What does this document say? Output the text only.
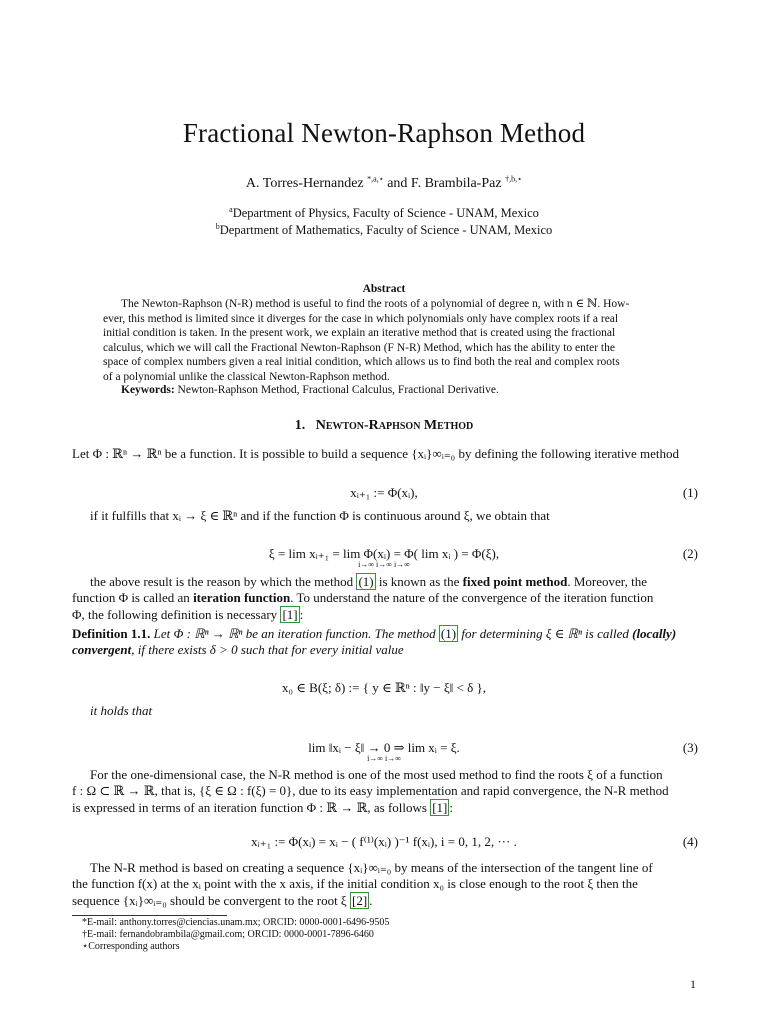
Fractional Newton-Raphson Method
A. Torres-Hernandez $^{*,a,⋆}$ and F. Brambila-Paz $^{\dagger,b,⋆}$
$^a$Department of Physics, Faculty of Science - UNAM, Mexico
$^b$Department of Mathematics, Faculty of Science - UNAM, Mexico
Abstract
The Newton-Raphson (N-R) method is useful to find the roots of a polynomial of degree n, with n ∈ ℕ. How-
ever, this method is limited since it diverges for the case in which polynomials only have complex roots if a real
initial condition is taken. In the present work, we explain an iterative method that is created using the fractional
calculus, which we will call the Fractional Newton-Raphson (F N-R) Method, which has the ability to enter the
space of complex numbers given a real initial condition, which allows us to find both the real and complex roots
of a polynomial unlike the classical Newton-Raphson method.
Keywords: Newton-Raphson Method, Fractional Calculus, Fractional Derivative.
1. Newton-Raphson Method
Let Φ : ℝⁿ → ℝⁿ be a function. It is possible to build a sequence {xᵢ}∞ᵢ₌₀ by defining the following iterative method
xᵢ₊₁ := Φ(xᵢ),	(1)
if it fulfills that xᵢ → ξ ∈ ℝⁿ and if the function Φ is continuous around ξ, we obtain that
ξ = lim xᵢ₊₁ = lim Φ(xᵢ) = Φ( lim xᵢ ) = Φ(ξ),
i→∞ i→∞ i→∞
(2)
the above result is the reason by which the method (1) is known as the fixed point method. Moreover, the
function Φ is called an iteration function. To understand the nature of the convergence of the iteration function
Φ, the following definition is necessary [1] :
Definition 1.1. Let Φ : ℝⁿ → ℝⁿ be an iteration function. The method (1) for determining ξ ∈ ℝⁿ is called (locally)
convergent, if there exists δ > 0 such that for every initial value
x₀ ∈ B(ξ; δ) := { y ∈ ℝⁿ : ‖y − ξ‖ < δ },
it holds that
lim ‖xᵢ − ξ‖ → 0 ⇒ lim xᵢ = ξ.
i→∞ i→∞
(3)
For the one-dimensional case, the N-R method is one of the most used method to find the roots ξ of a function
f : Ω ⊂ ℝ → ℝ, that is, {ξ ∈ Ω : f(ξ) = 0}, due to its easy implementation and rapid convergence, the N-R method
is expressed in terms of an iteration function Φ : ℝ → ℝ, as follows [1] :
xᵢ₊₁ := Φ(xᵢ) = xᵢ − ( f⁽¹⁾(xᵢ) )⁻¹ f(xᵢ), i = 0, 1, 2, ··· .	(4)
The N-R method is based on creating a sequence {xᵢ}∞ᵢ₌₀ by means of the intersection of the tangent line of
the function f(x) at the xᵢ point with the x axis, if the initial condition x₀ is close enough to the root ξ then the
sequence {xᵢ}∞ᵢ₌₀ should be convergent to the root ξ [2] .
*E-mail: anthony.torres@ciencias.unam.mx; ORCID: 0000-0001-6496-9505
†E-mail: fernandobrambila@gmail.com; ORCID: 0000-0001-7896-6460
⋆Corresponding authors
1
